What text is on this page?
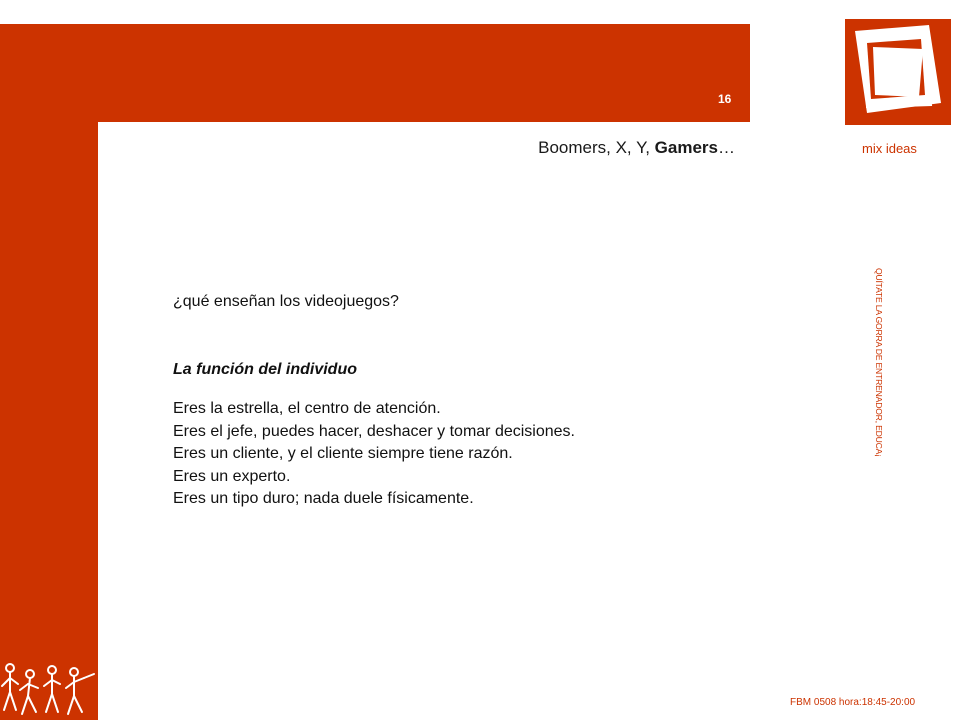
16
Boomers, X, Y, Gamers…	mix ideas
QUÍTATE LA GORRA DE ENTRENADOR, EDUCA¡

¿qué enseñan los videojuegos?

La función del individuo

Eres la estrella, el centro de atención.
Eres el jefe, puedes hacer, deshacer y tomar decisiones.
Eres un cliente, y el cliente siempre tiene razón.
Eres un experto.
Eres un tipo duro; nada duele físicamente.
FBM 0508 hora:18:45-20:00
